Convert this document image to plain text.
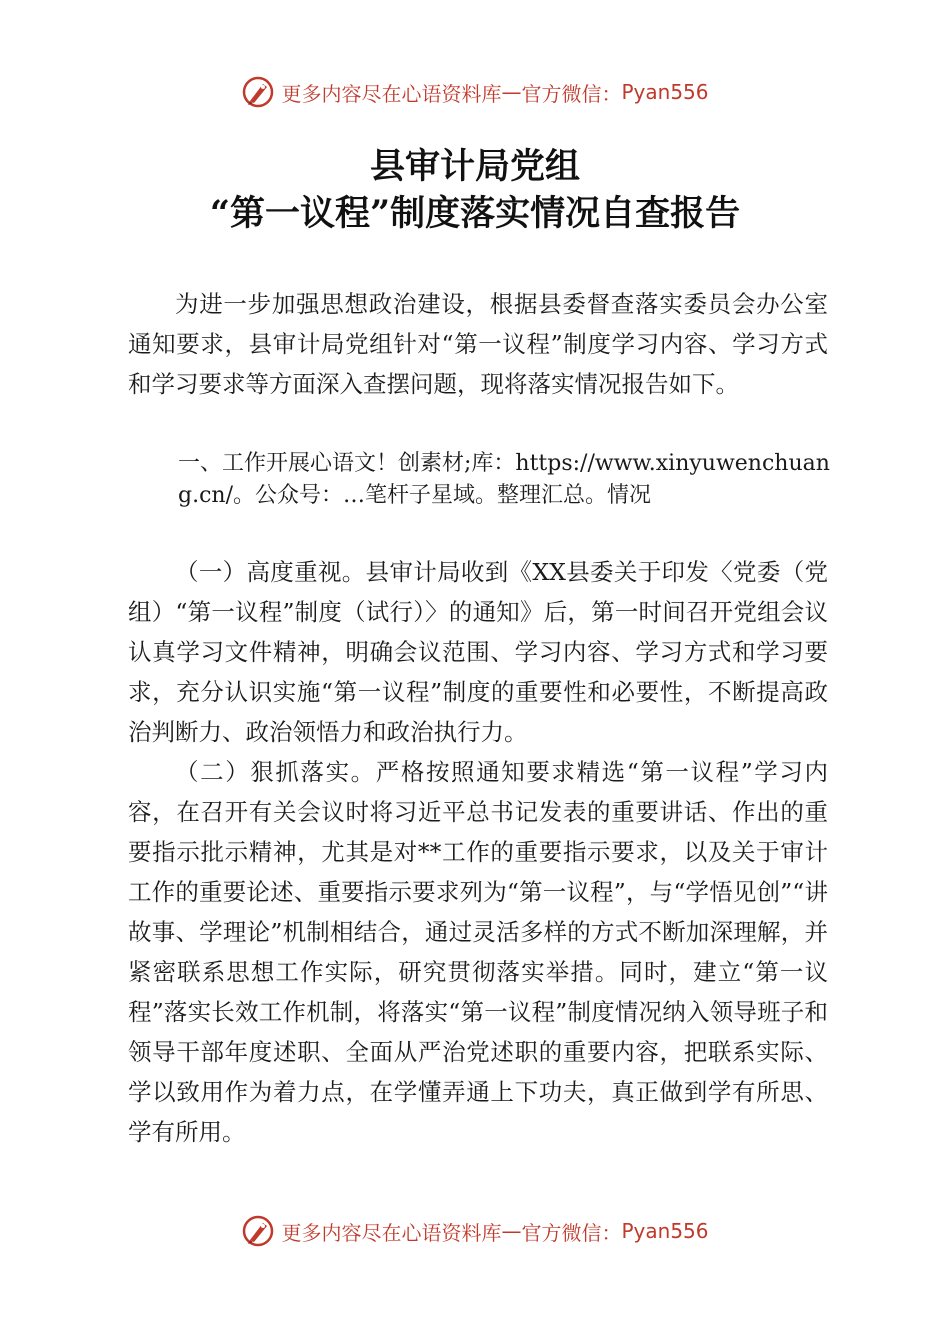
更多内容尽在心语资料库 — 官方微信： Pyan556
县审计局党组
“第一议程”制度落实情况自查报告

为进一步加强思想政治建设，根据县委督查落实委员会办公室通知要求，县审计局党组针对“第一议程”制度学习内容、学习方式和学习要求等方面深入查摆问题，现将落实情况报告如下。

一、工作开展心语文！创素材;库：https://www.xinyuwenchuang.cn/。公众号：…笔杆子星域。整理汇总。情况

（一）高度重视。县审计局收到《XX县委关于印发〈党委（党组）“第一议程”制度（试行）〉的通知》后，第一时间召开党组会议认真学习文件精神，明确会议范围、学习内容、学习方式和学习要求，充分认识实施“第一议程”制度的重要性和必要性，不断提高政治判断力、政治领悟力和政治执行力。

（二）狠抓落实。严格按照通知要求精选“第一议程”学习内容，在召开有关会议时将习近平总书记发表的重要讲话、作出的重要指示批示精神，尤其是对**工作的重要指示要求，以及关于审计工作的重要论述、重要指示要求列为“第一议程”，与“学悟见创”“讲故事、学理论”机制相结合，通过灵活多样的方式不断加深理解，并紧密联系思想工作实际，研究贯彻落实举措。同时，建立“第一议程”落实长效工作机制，将落实“第一议程”制度情况纳入领导班子和领导干部年度述职、全面从严治党述职的重要内容，把联系实际、学以致用作为着力点，在学懂弄通上下功夫，真正做到学有所思、学有所用。

更多内容尽在心语资料库 — 官方微信： Pyan556
